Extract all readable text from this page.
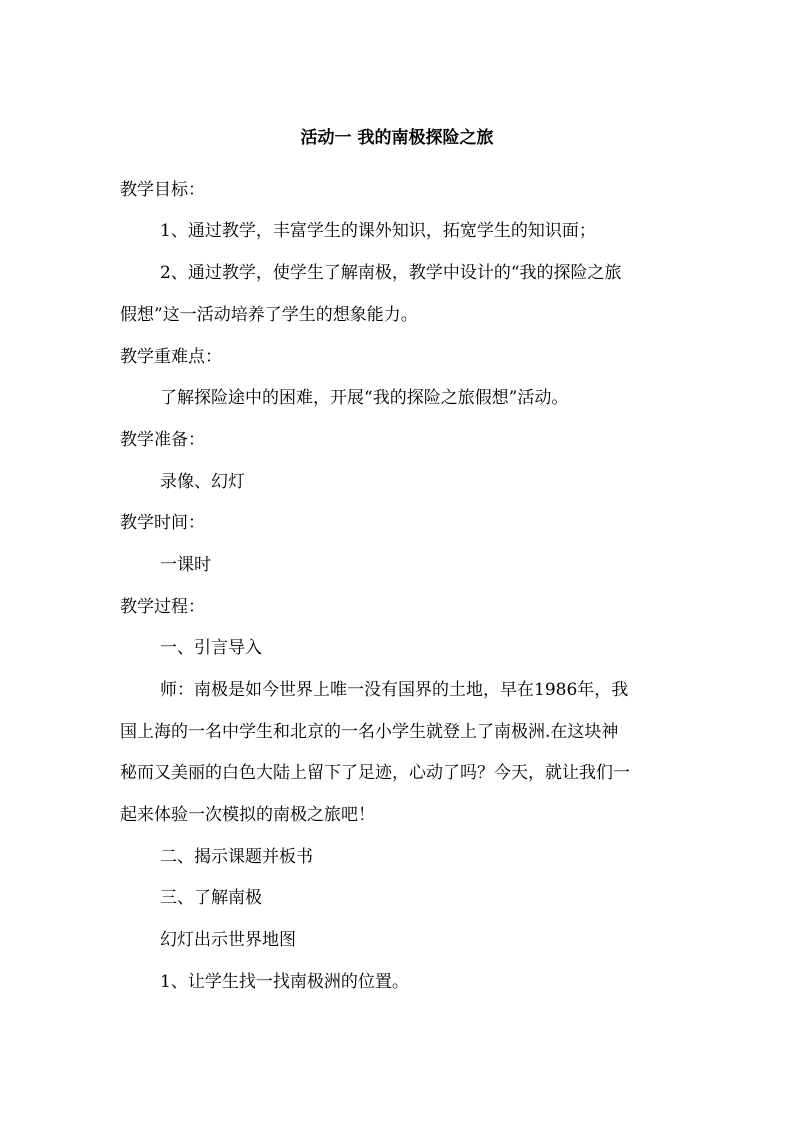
活动一 我的南极探险之旅
教学目标：
1、通过教学，丰富学生的课外知识，拓宽学生的知识面；
2、通过教学，使学生了解南极，教学中设计的“我的探险之旅
假想”这一活动培养了学生的想象能力。
教学重难点：
了解探险途中的困难，开展“我的探险之旅假想”活动。
教学准备：
录像、幻灯
教学时间：
一课时
教学过程：
一、引言导入
师：南极是如今世界上唯一没有国界的土地，早在1986年，我
国上海的一名中学生和北京的一名小学生就登上了南极洲.在这块神
秘而又美丽的白色大陆上留下了足迹，心动了吗？今天，就让我们一
起来体验一次模拟的南极之旅吧！
二、揭示课题并板书
三、了解南极
幻灯出示世界地图
1、让学生找一找南极洲的位置。
